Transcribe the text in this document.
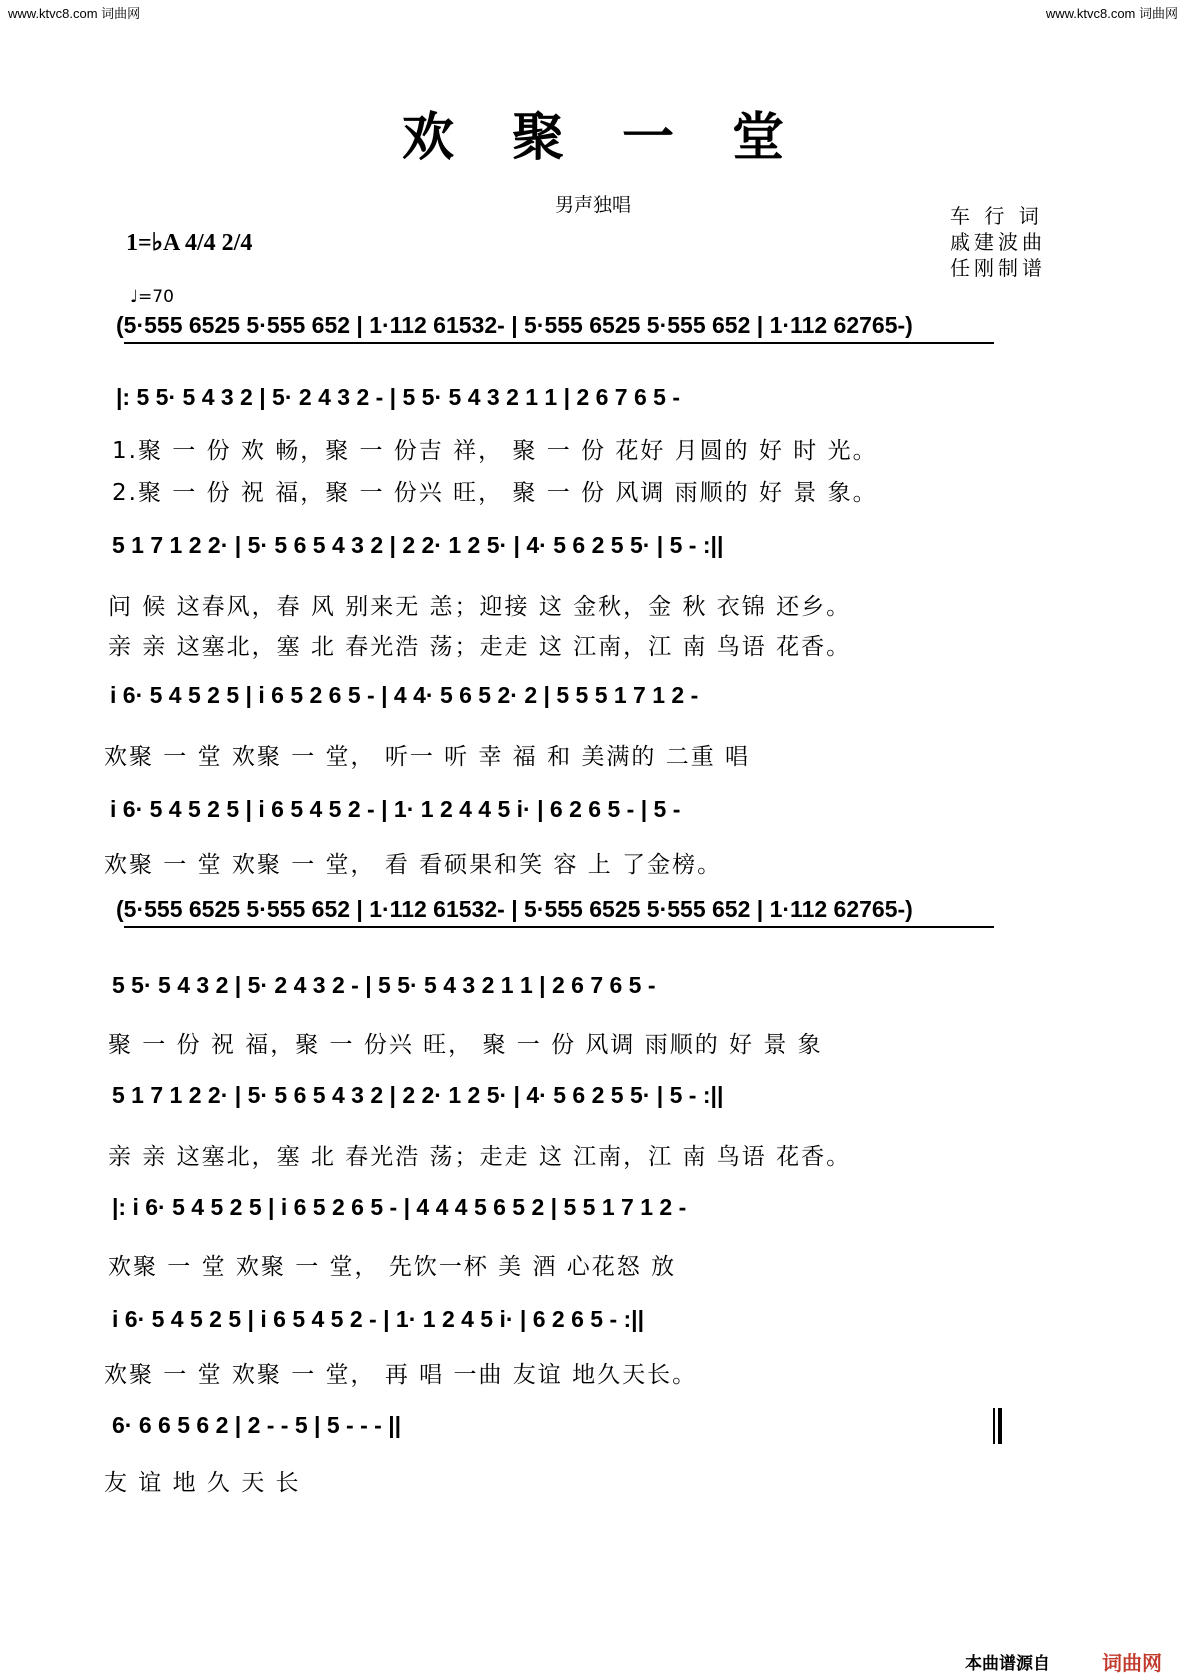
www.ktvc8.com 词曲网	www.ktvc8.com 词曲网
欢聚一堂
男声独唱	车 行 词
戚建波曲
任刚制谱
1=♭A 4/4 2/4
♩=70
(5·555 6525 5·555 652 | 1·112 61532- | 5·555 6525 5·555 652 | 1·112 62765-)
|: 5 5· 5 4 3 2 | 5· 2 4 3 2 - | 5 5· 5 4 3 2 1 1 | 2 6 7 6 5 -
1.聚 一 份 欢 畅，聚 一 份吉 祥， 聚 一 份 花好 月圆的 好 时 光。
2.聚 一 份 祝 福，聚 一 份兴 旺， 聚 一 份 风调 雨顺的 好 景 象。
5 1 7 1 2 2· | 5· 5 6 5 4 3 2 | 2 2· 1 2 5· | 4· 5 6 2 5 5· | 5 - :||
问 候 这春风，春 风 别来无 恙；迎接 这 金秋，金 秋 衣锦 还乡。
亲 亲 这塞北，塞 北 春光浩 荡；走走 这 江南，江 南 鸟语 花香。
i 6· 5 4 5 2 5 | i 6 5 2 6 5 - | 4 4· 5 6 5 2· 2 | 5 5 5 1 7 1 2 -
欢聚 一 堂 欢聚 一 堂， 听一 听 幸 福 和 美满的 二重 唱
i 6· 5 4 5 2 5 | i 6 5 4 5 2 - | 1· 1 2 4 4 5 i· | 6 2 6 5 - | 5 -
欢聚 一 堂 欢聚 一 堂， 看 看硕果和笑 容 上 了金榜。
(5·555 6525 5·555 652 | 1·112 61532- | 5·555 6525 5·555 652 | 1·112 62765-)
5 5· 5 4 3 2 | 5· 2 4 3 2 - | 5 5· 5 4 3 2 1 1 | 2 6 7 6 5 -
聚 一 份 祝 福，聚 一 份兴 旺， 聚 一 份 风调 雨顺的 好 景 象
5 1 7 1 2 2· | 5· 5 6 5 4 3 2 | 2 2· 1 2 5· | 4· 5 6 2 5 5· | 5 - :||
亲 亲 这塞北，塞 北 春光浩 荡；走走 这 江南，江 南 鸟语 花香。
|: i 6· 5 4 5 2 5 | i 6 5 2 6 5 - | 4 4 4 5 6 5 2 | 5 5 1 7 1 2 -
欢聚 一 堂 欢聚 一 堂， 先饮一杯 美 酒 心花怒 放
i 6· 5 4 5 2 5 | i 6 5 4 5 2 - | 1· 1 2 4 5 i· | 6 2 6 5 - :||
欢聚 一 堂 欢聚 一 堂， 再 唱 一曲 友谊 地久天长。
6· 6 6 5 6 2 | 2 - - 5 | 5 - - - ||
友 谊 地 久 天 长
本曲谱源自	词曲网
